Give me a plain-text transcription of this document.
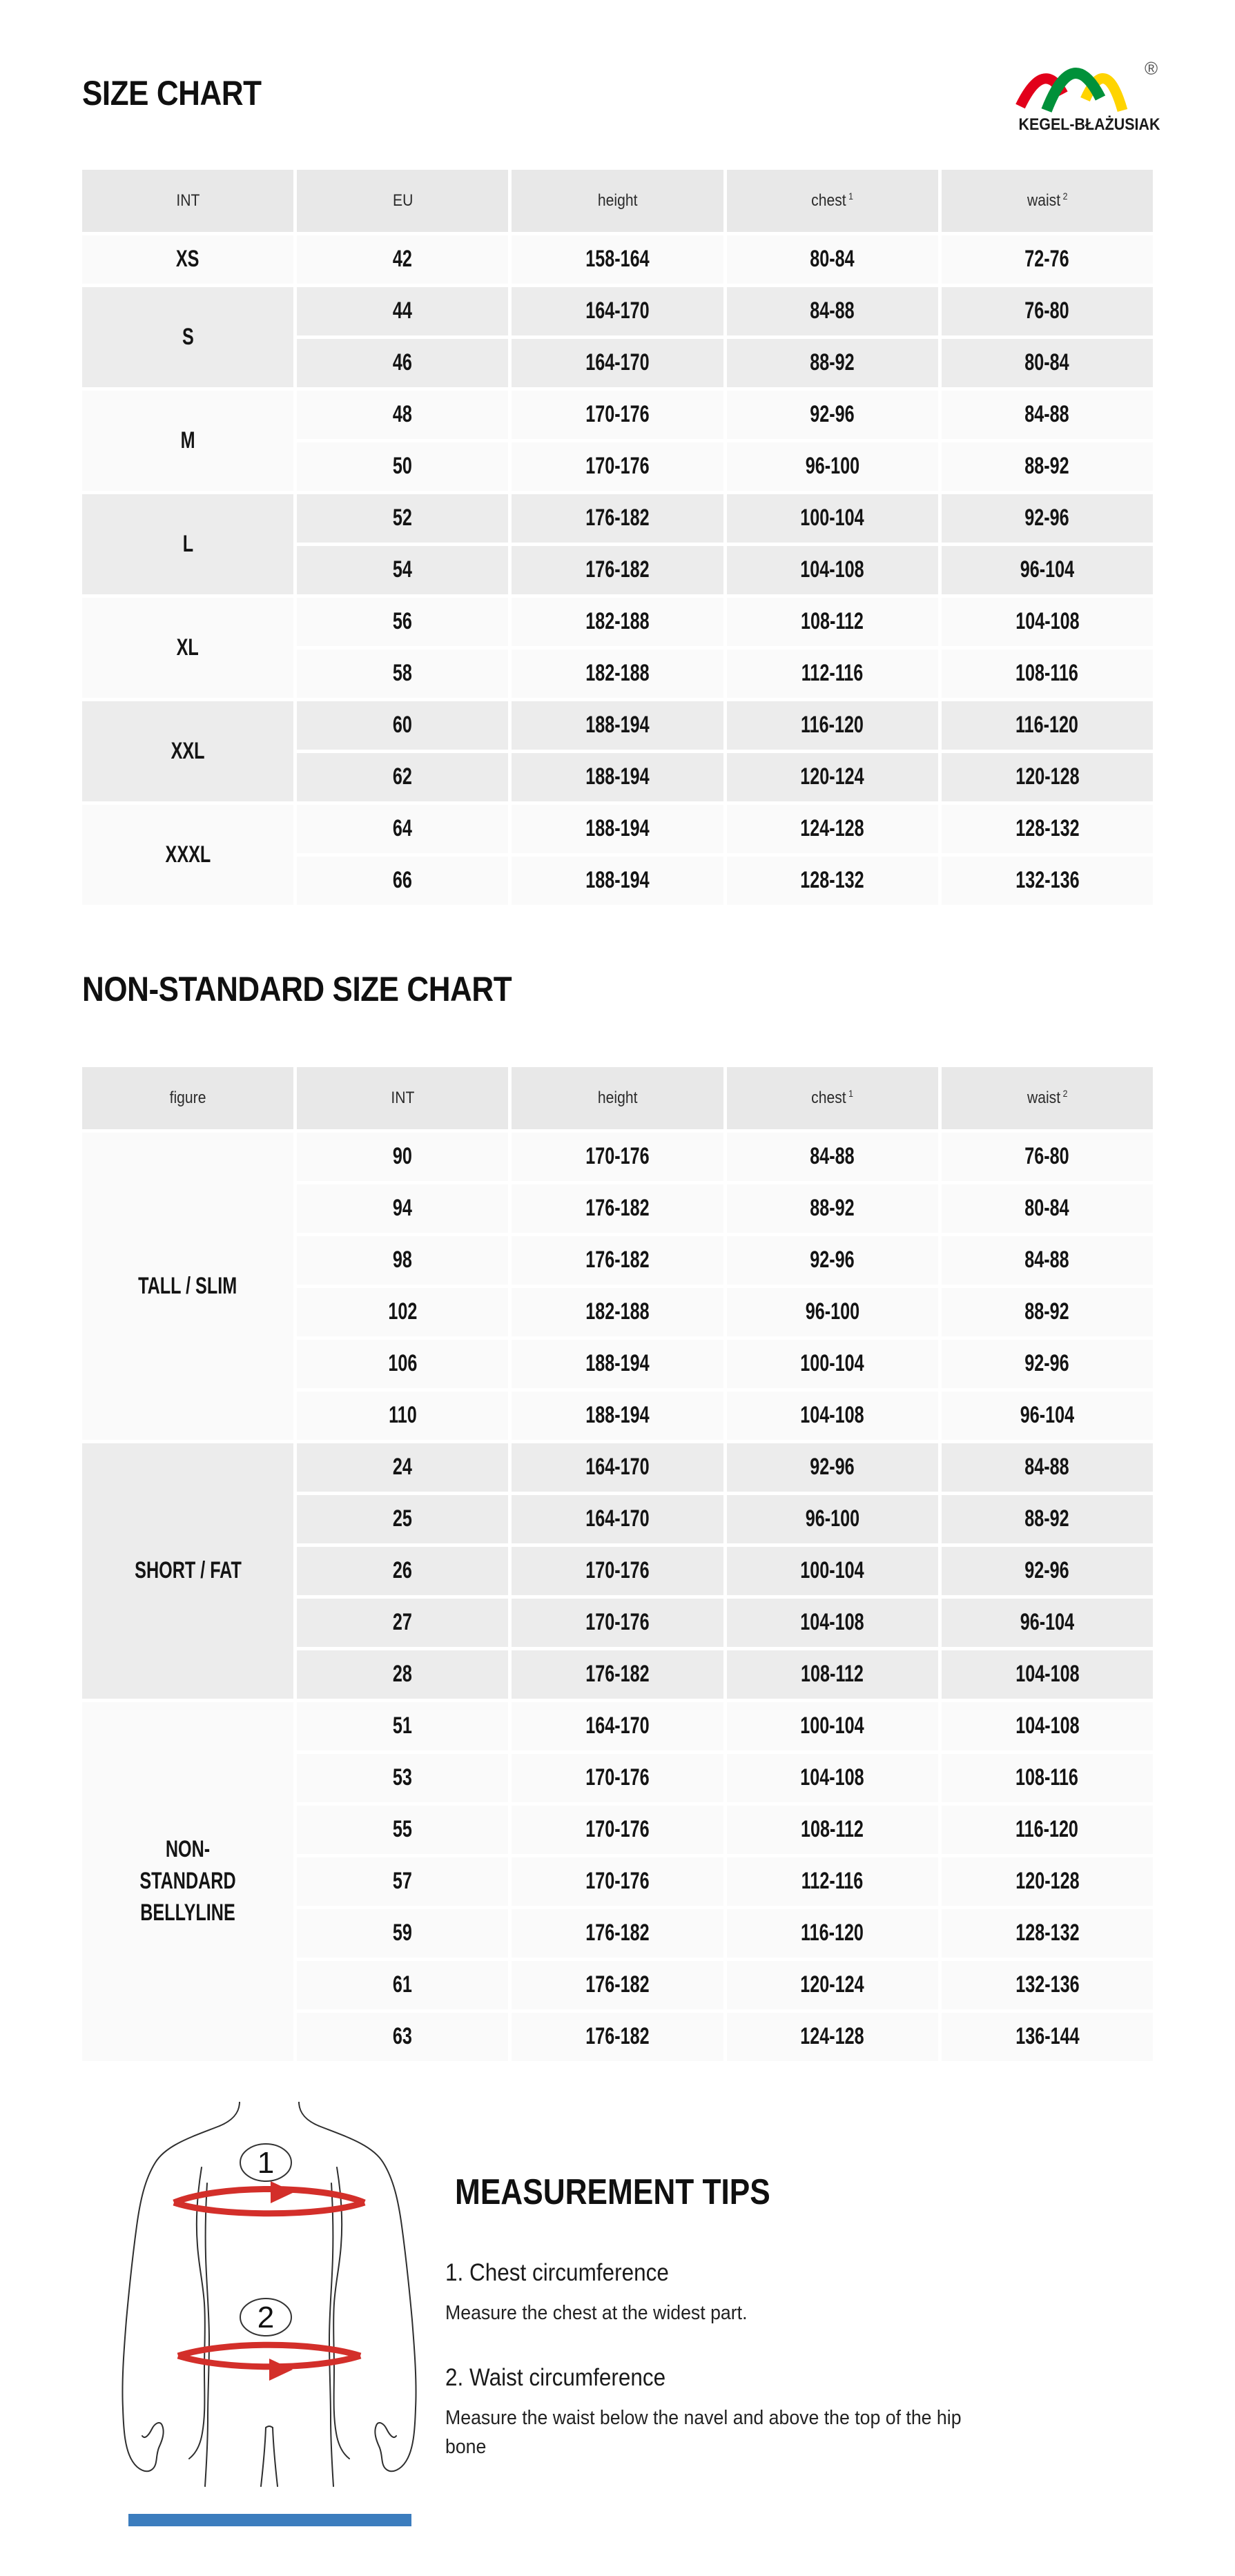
®
KEGEL-BŁAŻUSIAK
SIZE CHART
NON-STANDARD SIZE CHART
INT	EU	height	chest $^1$	waist $^2$
XS	42	158-164	80-84	72-76
S
44	164-170	84-88	76-80
46	164-170	88-92	80-84
M
48	170-176	92-96	84-88
50	170-176	96-100	88-92
L
52	176-182	100-104	92-96
54	176-182	104-108	96-104
XL
56	182-188	108-112	104-108
58	182-188	112-116	108-116
XXL
60	188-194	116-120	116-120
62	188-194	120-124	120-128
XXXL
64	188-194	124-128	128-132
66	188-194	128-132	132-136
figure	INT	height	chest $^1$	waist $^2$
TALL / SLIM
90	170-176	84-88	76-80
94	176-182	88-92	80-84
98	176-182	92-96	84-88
102	182-188	96-100	88-92
106	188-194	100-104	92-96
110	188-194	104-108	96-104
SHORT / FAT
24	164-170	92-96	84-88
25	164-170	96-100	88-92
26	170-176	100-104	92-96
27	170-176	104-108	96-104
28	176-182	108-112	104-108
NON-STANDARD BELLYLINE
51	164-170	100-104	104-108
53	170-176	104-108	108-116
55	170-176	108-112	116-120
57	170-176	112-116	120-128
59	176-182	116-120	128-132
61	176-182	120-124	132-136
63	176-182	124-128	136-144
1
2
MEASUREMENT TIPS

1. Chest circumference

Measure the chest at the widest part.

2. Waist circumference

Measure the waist below the navel and above the top of the hip bone
